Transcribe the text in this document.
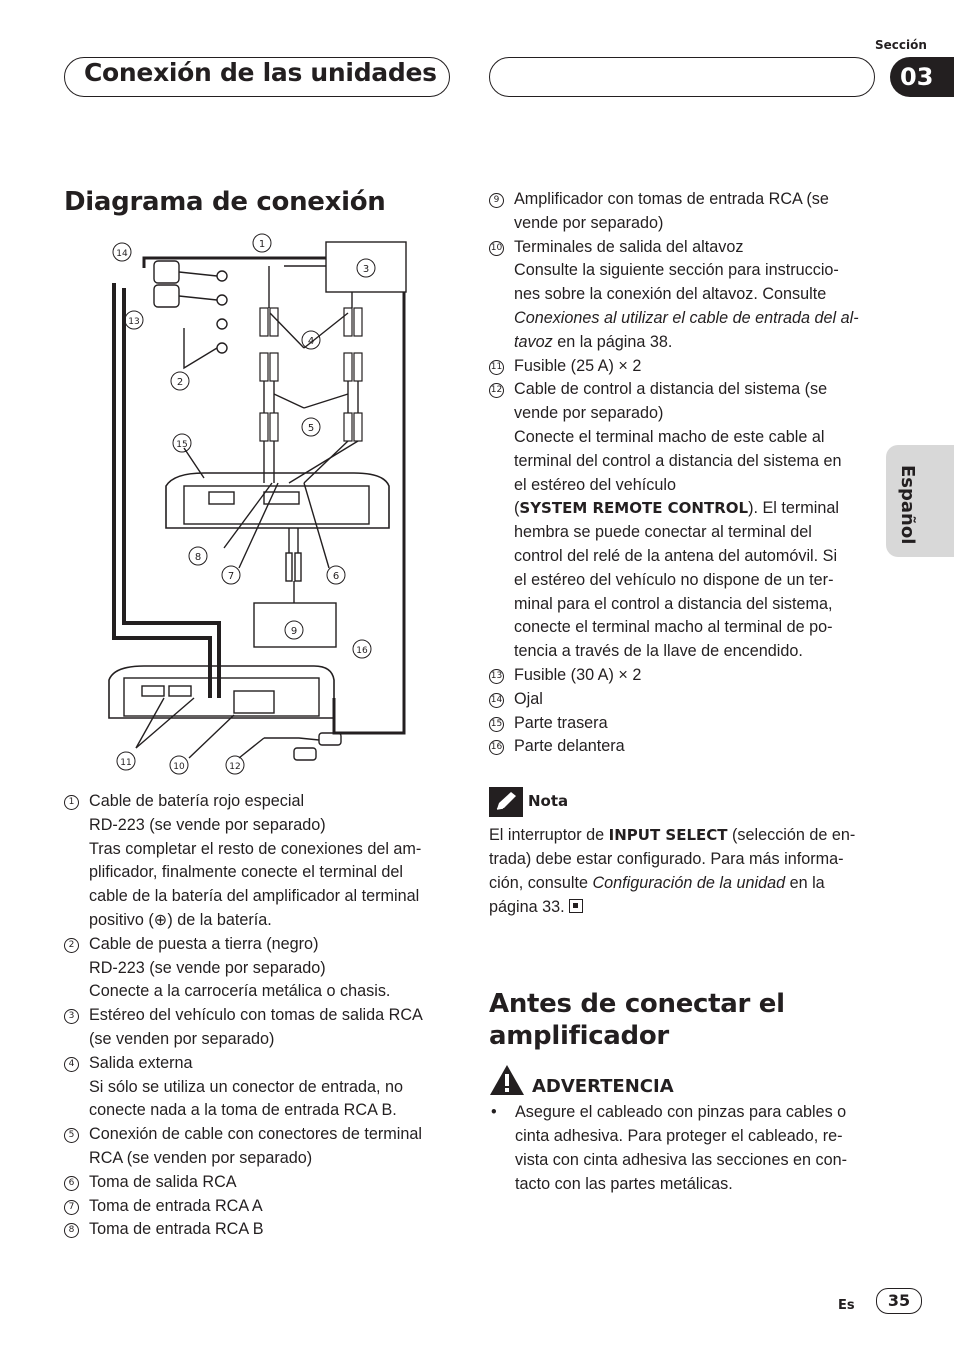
Conexión de las unidades
Sección
03
Español
Diagrama de conexión
14
1
3
13
4
2
5
15
8
7	6
9
16
11	10	12
1 Cable de batería rojo especial
RD-223 (se vende por separado)
Tras completar el resto de conexiones del am-
plificador, finalmente conecte el terminal del
cable de la batería del amplificador al terminal
positivo (⊕) de la batería.
2 Cable de puesta a tierra (negro)
RD-223 (se vende por separado)
Conecte a la carrocería metálica o chasis.
3 Estéreo del vehículo con tomas de salida RCA
(se venden por separado)
4 Salida externa
Si sólo se utiliza un conector de entrada, no
conecte nada a la toma de entrada RCA B.
5 Conexión de cable con conectores de terminal
RCA (se venden por separado)
6 Toma de salida RCA
7 Toma de entrada RCA A
8 Toma de entrada RCA B
9 Amplificador con tomas de entrada RCA (se
vende por separado)
10 Terminales de salida del altavoz
Consulte la siguiente sección para instruccio-
nes sobre la conexión del altavoz. Consulte
Conexiones al utilizar el cable de entrada del al-
tavoz en la página 38.
11 Fusible (25 A) × 2
12 Cable de control a distancia del sistema (se
vende por separado)
Conecte el terminal macho de este cable al
terminal del control a distancia del sistema en
el estéreo del vehículo
(SYSTEM REMOTE CONTROL). El terminal
hembra se puede conectar al terminal del
control del relé de la antena del automóvil. Si
el estéreo del vehículo no dispone de un ter-
minal para el control a distancia del sistema,
conecte el terminal macho al terminal de po-
tencia a través de la llave de encendido.
13 Fusible (30 A) × 2
14 Ojal
15 Parte trasera
16 Parte delantera
Nota
El interruptor de INPUT SELECT (selección de en-
trada) debe estar configurado. Para más informa-
ción, consulte Configuración de la unidad en la
página 33.
Antes de conectar el
amplificador
ADVERTENCIA
• Asegure el cableado con pinzas para cables o
cinta adhesiva. Para proteger el cableado, re-
vista con cinta adhesiva las secciones en con-
tacto con las partes metálicas.
Es	35
